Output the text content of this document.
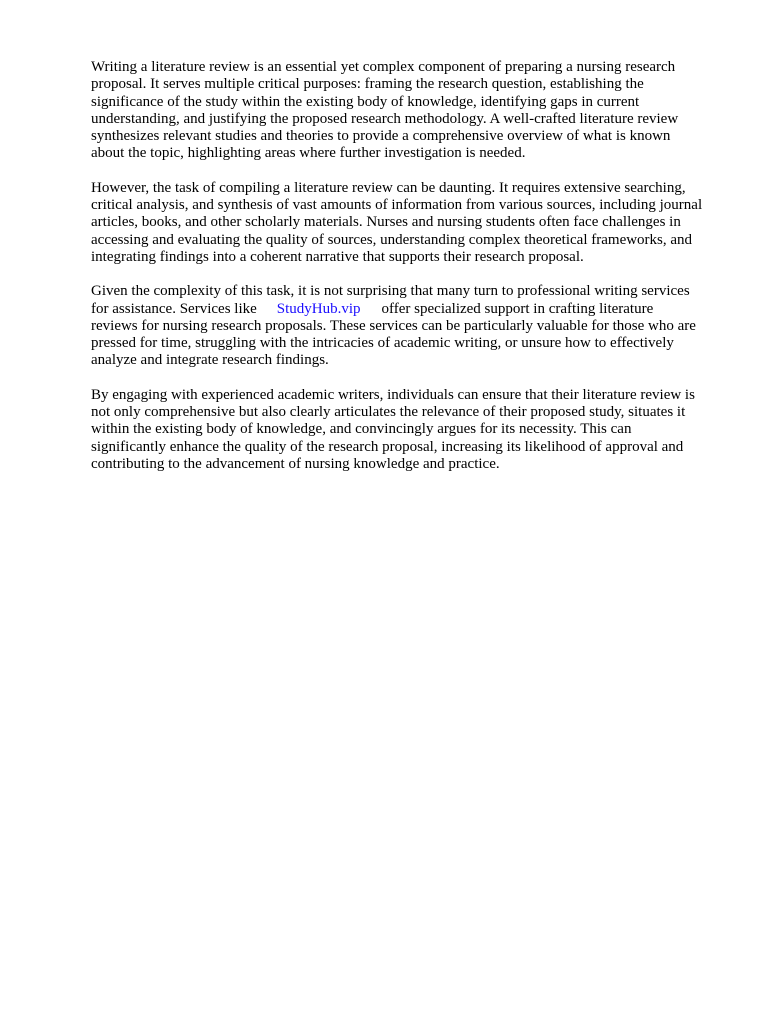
Writing a literature review is an essential yet complex component of preparing a nursing research
proposal. It serves multiple critical purposes: framing the research question, establishing the
significance of the study within the existing body of knowledge, identifying gaps in current
understanding, and justifying the proposed research methodology. A well-crafted literature review
synthesizes relevant studies and theories to provide a comprehensive overview of what is known
about the topic, highlighting areas where further investigation is needed.

However, the task of compiling a literature review can be daunting. It requires extensive searching,
critical analysis, and synthesis of vast amounts of information from various sources, including journal
articles, books, and other scholarly materials. Nurses and nursing students often face challenges in
accessing and evaluating the quality of sources, understanding complex theoretical frameworks, and
integrating findings into a coherent narrative that supports their research proposal.

Given the complexity of this task, it is not surprising that many turn to professional writing services
for assistance. Services like StudyHub.vip offer specialized support in crafting literature
reviews for nursing research proposals. These services can be particularly valuable for those who are
pressed for time, struggling with the intricacies of academic writing, or unsure how to effectively
analyze and integrate research findings.

By engaging with experienced academic writers, individuals can ensure that their literature review is
not only comprehensive but also clearly articulates the relevance of their proposed study, situates it
within the existing body of knowledge, and convincingly argues for its necessity. This can
significantly enhance the quality of the research proposal, increasing its likelihood of approval and
contributing to the advancement of nursing knowledge and practice.
